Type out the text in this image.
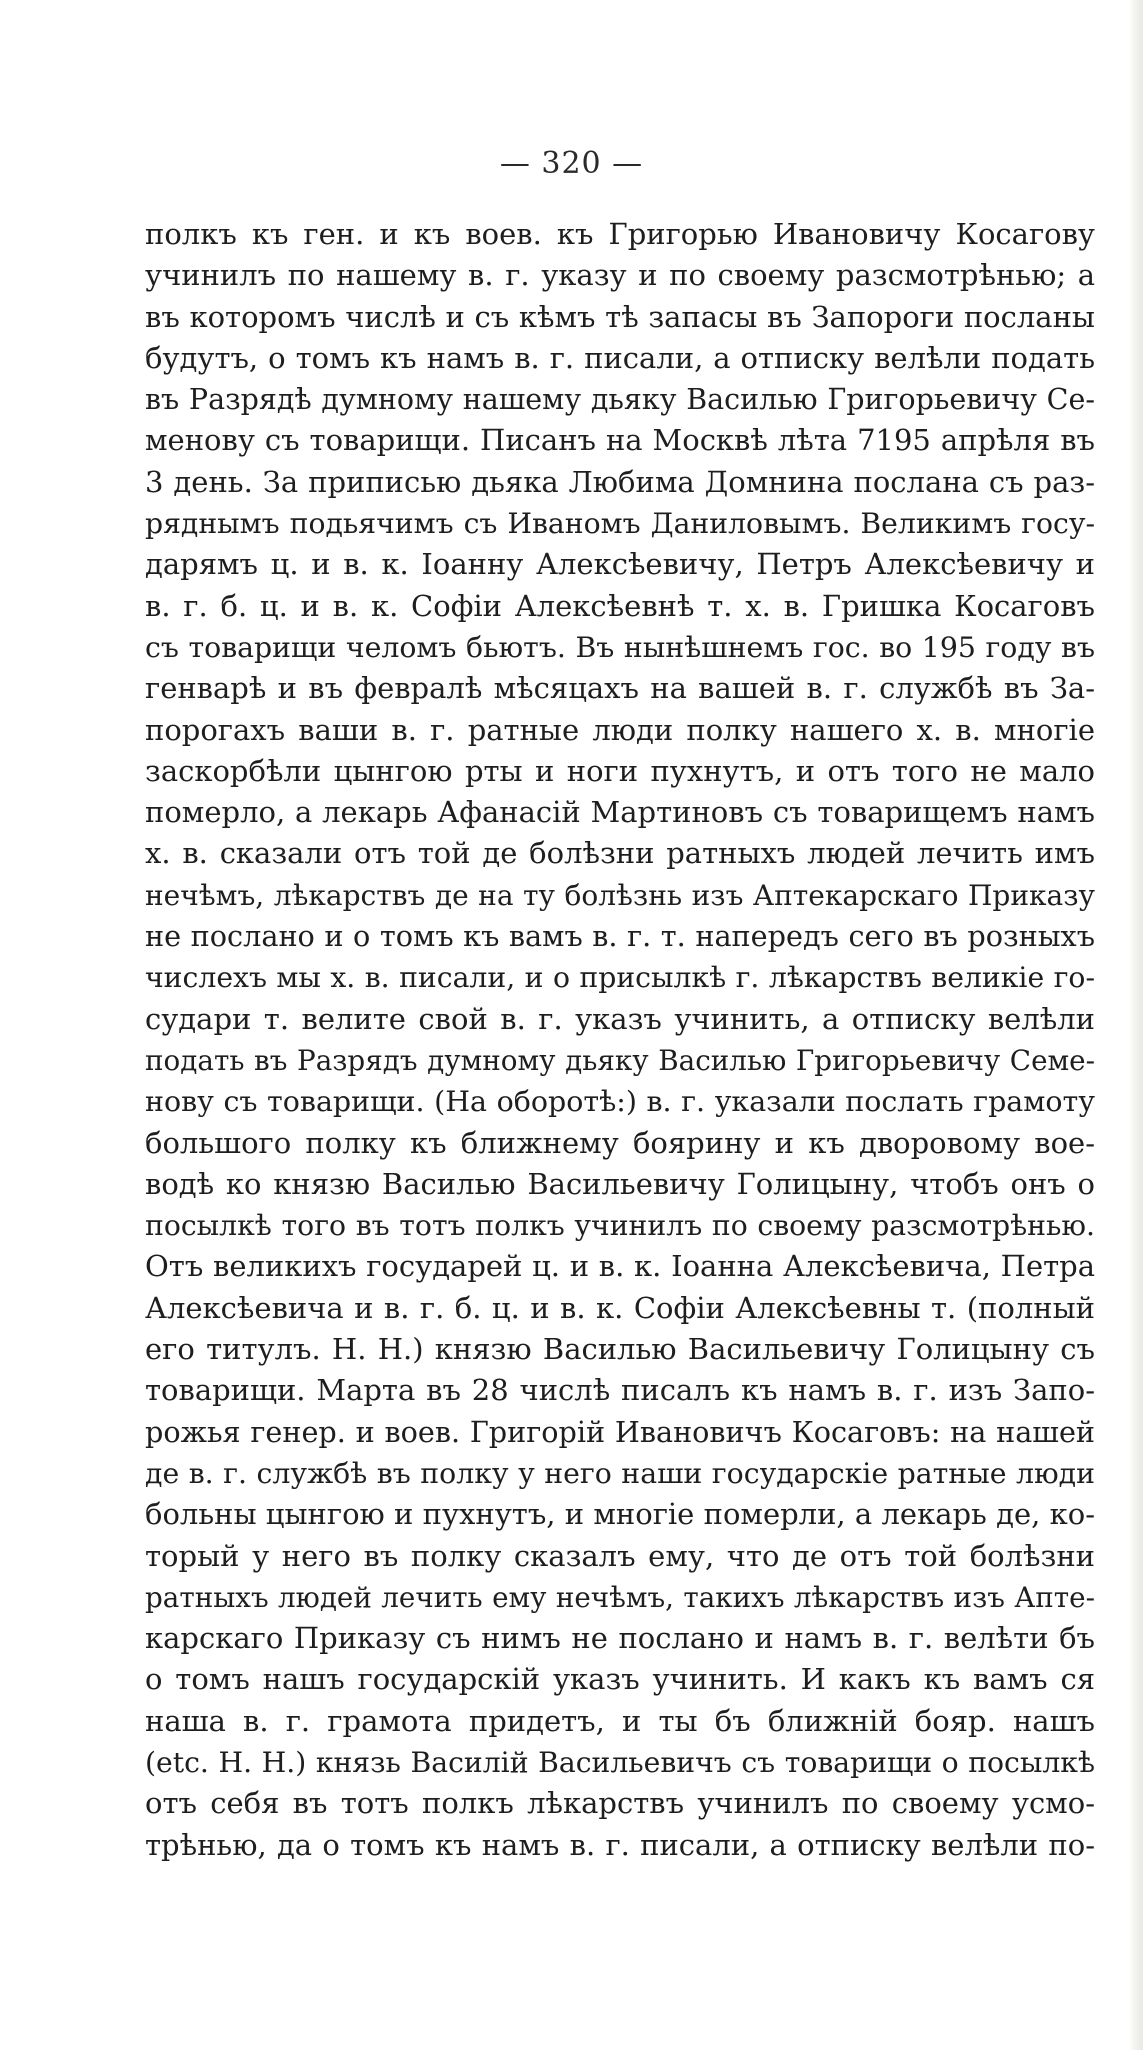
— 320 —
полкъ къ ген. и къ воев. къ Григорью Ивановичу Косагову
учинилъ по нашему в. г. указу и по своему разсмотрѣнью; а
въ которомъ числѣ и съ кѣмъ тѣ запасы въ Запороги посланы
будутъ, о томъ къ намъ в. г. писали, а отписку велѣли подать
въ Разрядѣ думному нашему дьяку Василью Григорьевичу Се-
менову съ товарищи. Писанъ на Москвѣ лѣта 7195 апрѣля въ
3 день. За приписью дьяка Любима Домнина послана съ раз-
ряднымъ подьячимъ съ Иваномъ Даниловымъ. Великимъ госу-
дарямъ ц. и в. к. Іоанну Алексѣевичу, Петръ Алексѣевичу и
в. г. б. ц. и в. к. Софіи Алексѣевнѣ т. х. в. Гришка Косаговъ
съ товарищи челомъ бьютъ. Въ нынѣшнемъ гос. во 195 году въ
генварѣ и въ февралѣ мѣсяцахъ на вашей в. г. службѣ въ За-
порогахъ ваши в. г. ратные люди полку нашего х. в. многіе
заскорбѣли цынгою рты и ноги пухнутъ, и отъ того не мало
померло, а лекарь Афанасій Мартиновъ съ товарищемъ намъ
х. в. сказали отъ той де болѣзни ратныхъ людей лечить имъ
нечѣмъ, лѣкарствъ де на ту болѣзнь изъ Аптекарскаго Приказу
не послано и о томъ къ вамъ в. г. т. напередъ сего въ розныхъ
числехъ мы х. в. писали, и о присылкѣ г. лѣкарствъ великіе го-
судари т. велите свой в. г. указъ учинить, а отписку велѣли
подать въ Разрядъ думному дьяку Василью Григорьевичу Семе-
нову съ товарищи. (На оборотѣ:) в. г. указали послать грамоту
большого полку къ ближнему боярину и къ дворовому вое-
водѣ ко князю Василью Васильевичу Голицыну, чтобъ онъ о
посылкѣ того въ тотъ полкъ учинилъ по своему разсмотрѣнью.
Отъ великихъ государей ц. и в. к. Іоанна Алексѣевича, Петра
Алексѣевича и в. г. б. ц. и в. к. Софіи Алексѣевны т. (полный
его титулъ. Н. Н.) князю Василью Васильевичу Голицыну съ
товарищи. Марта въ 28 числѣ писалъ къ намъ в. г. изъ Запо-
рожья генер. и воев. Григорій Ивановичъ Косаговъ: на нашей
де в. г. службѣ въ полку у него наши государскіе ратные люди
больны цынгою и пухнутъ, и многіе померли, а лекарь де, ко-
торый у него въ полку сказалъ ему, что де отъ той болѣзни
ратныхъ людей лечить ему нечѣмъ, такихъ лѣкарствъ изъ Апте-
карскаго Приказу съ нимъ не послано и намъ в. г. велѣти бъ
о томъ нашъ государскій указъ учинить. И какъ къ вамъ ся
наша в. г. грамота придетъ, и ты бъ ближній бояр. нашъ
(etc. Н. Н.) князь Василій Васильевичъ съ товарищи о посылкѣ
отъ себя въ тотъ полкъ лѣкарствъ учинилъ по своему усмо-
трѣнью, да о томъ къ намъ в. г. писали, а отписку велѣли по-
